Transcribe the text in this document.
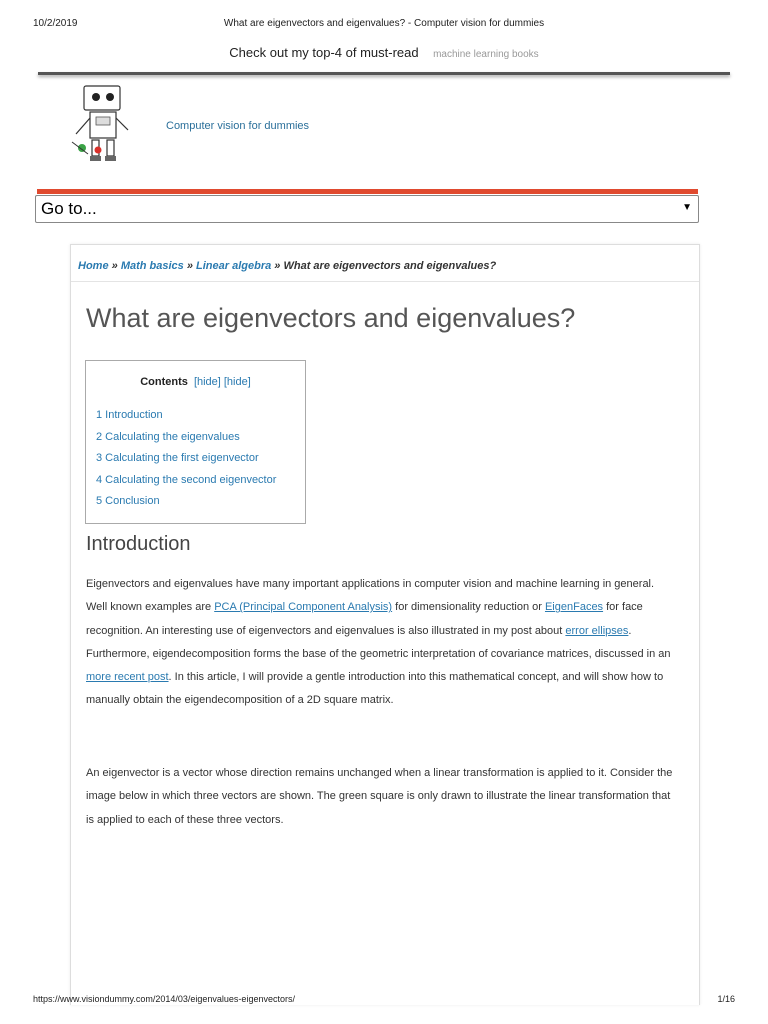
10/2/2019	What are eigenvectors and eigenvalues? - Computer vision for dummies
Check out my top-4 of must-read machine learning books
Computer vision for dummies
Go to...	▼
Home » Math basics » Linear algebra » What are eigenvectors and eigenvalues?
What are eigenvectors and eigenvalues?
Contents [hide] [hide]
1 Introduction
2 Calculating the eigenvalues
3 Calculating the first eigenvector
4 Calculating the second eigenvector
5 Conclusion
Introduction

Eigenvectors and eigenvalues have many important applications in computer vision and machine learning in general. Well known examples are PCA (Principal Component Analysis) for dimensionality reduction or EigenFaces for face recognition. An interesting use of eigenvectors and eigenvalues is also illustrated in my post about error ellipses. Furthermore, eigendecomposition forms the base of the geometric interpretation of covariance matrices, discussed in an more recent post. In this article, I will provide a gentle introduction into this mathematical concept, and will show how to manually obtain the eigendecomposition of a 2D square matrix.

An eigenvector is a vector whose direction remains unchanged when a linear transformation is applied to it. Consider the image below in which three vectors are shown. The green square is only drawn to illustrate the linear transformation that is applied to each of these three vectors.

https://www.visiondummy.com/2014/03/eigenvalues-eigenvectors/	1/16
